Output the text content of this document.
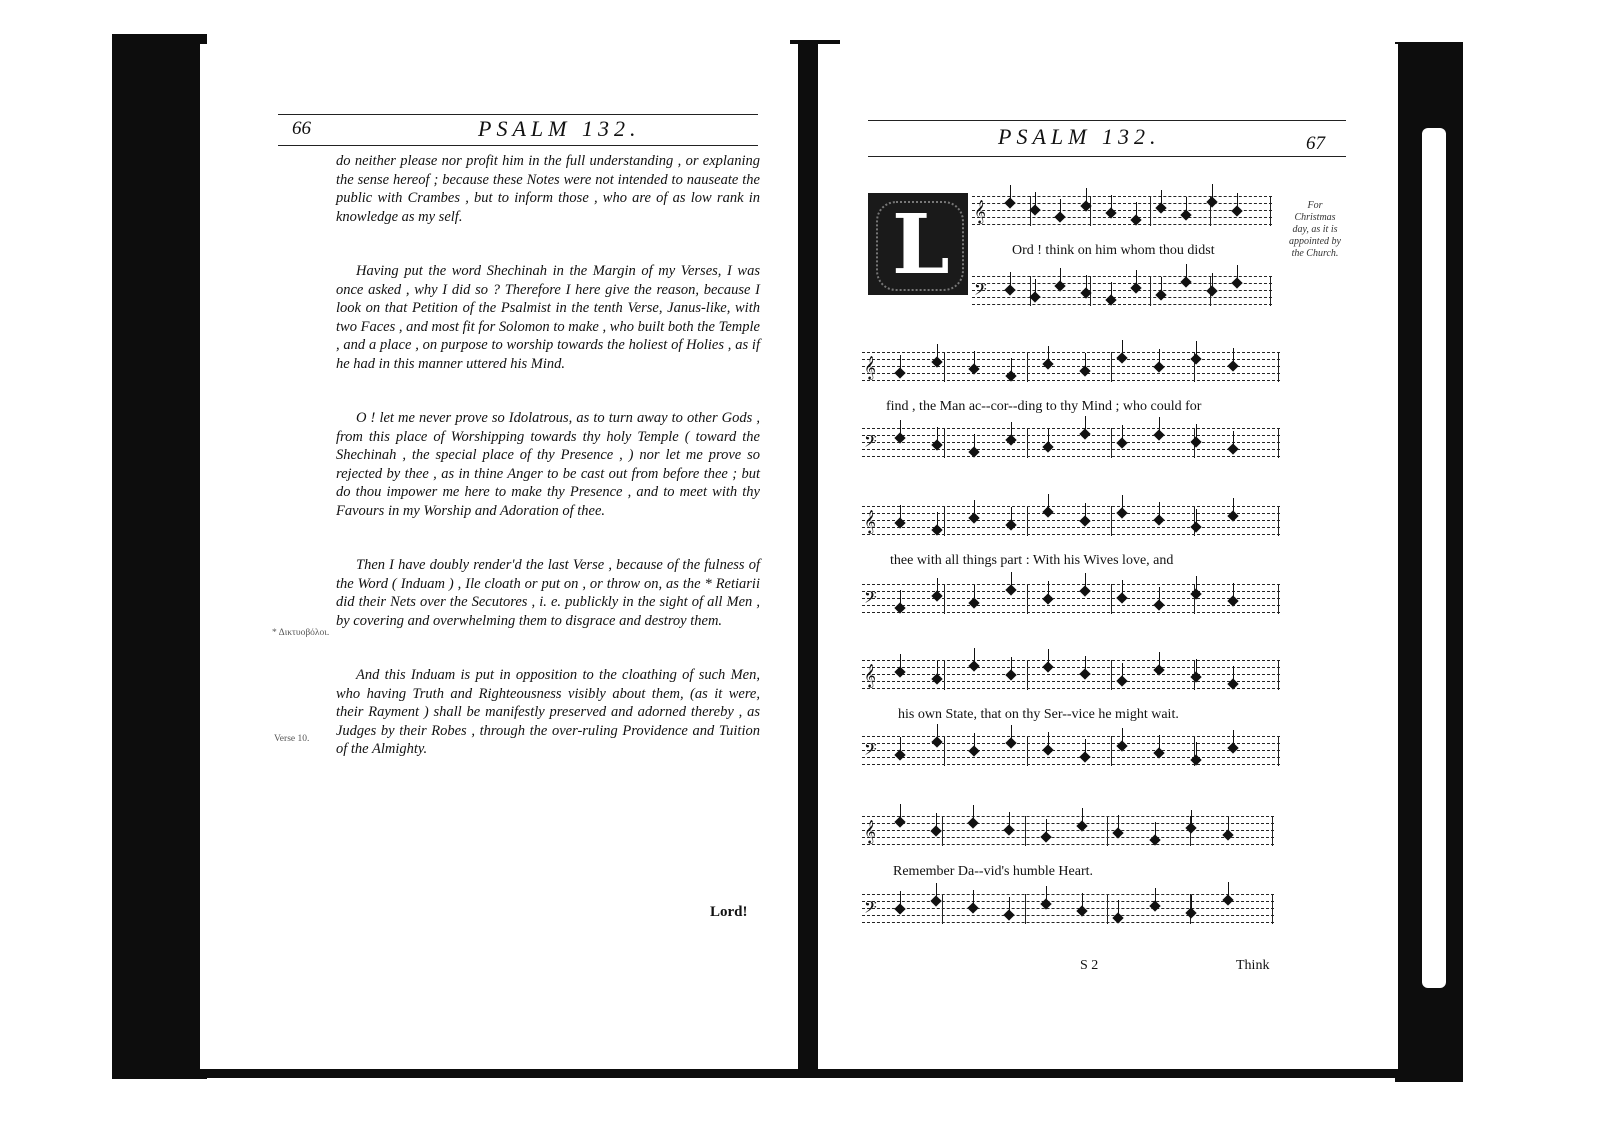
66	PSALM 132.

do neither please nor profit him in the full understanding , or explaning the sense hereof ; because these Notes were not intended to nauseate the public with Crambes , but to inform those , who are of as low rank in knowledge as my self.

Having put the word Shechinah in the Margin of my Verses, I was once asked , why I did so ? Therefore I here give the reason, because I look on that Petition of the Psalmist in the tenth Verse, Janus-like, with two Faces , and most fit for Solomon to make , who built both the Temple , and a place , on purpose to worship towards the holiest of Holies , as if he had in this manner uttered his Mind.

O ! let me never prove so Idolatrous, as to turn away to other Gods , from this place of Worshipping towards thy holy Temple ( toward the Shechinah , the special place of thy Presence , ) nor let me prove so rejected by thee , as in thine Anger to be cast out from before thee ; but do thou impower me here to make thy Presence , and to meet with thy Favours in my Worship and Adoration of thee.

Then I have doubly render'd the last Verse , because of the fulness of the Word ( Induam ) , Ile cloath or put on , or throw on, as the * Retiarii did their Nets over the Secutores , i. e. publickly in the sight of all Men , by covering and overwhelming them to disgrace and destroy them.

And this Induam is put in opposition to the cloathing of such Men, who having Truth and Righteousness visibly about them, (as it were, their Rayment ) shall be manifestly preserved and adorned thereby , as Judges by their Robes , through the over-ruling Providence and Tuition of the Almighty.

* Δικτυοβόλοι.
Verse 10.
Lord!
PSALM 132.	67
L	For Christmas day, as it is appointed by the Church.
𝄞
𝄢
𝄞
𝄢
𝄞
𝄢
𝄞
𝄢
𝄞
𝄢
Ord ! think on him whom thou didst
find , the Man ac--cor--ding to thy Mind ; who could for
thee with all things part : With his Wives love, and
his own State, that on thy Ser--vice he might wait.
Remember Da--vid's humble Heart.
S 2	Think
